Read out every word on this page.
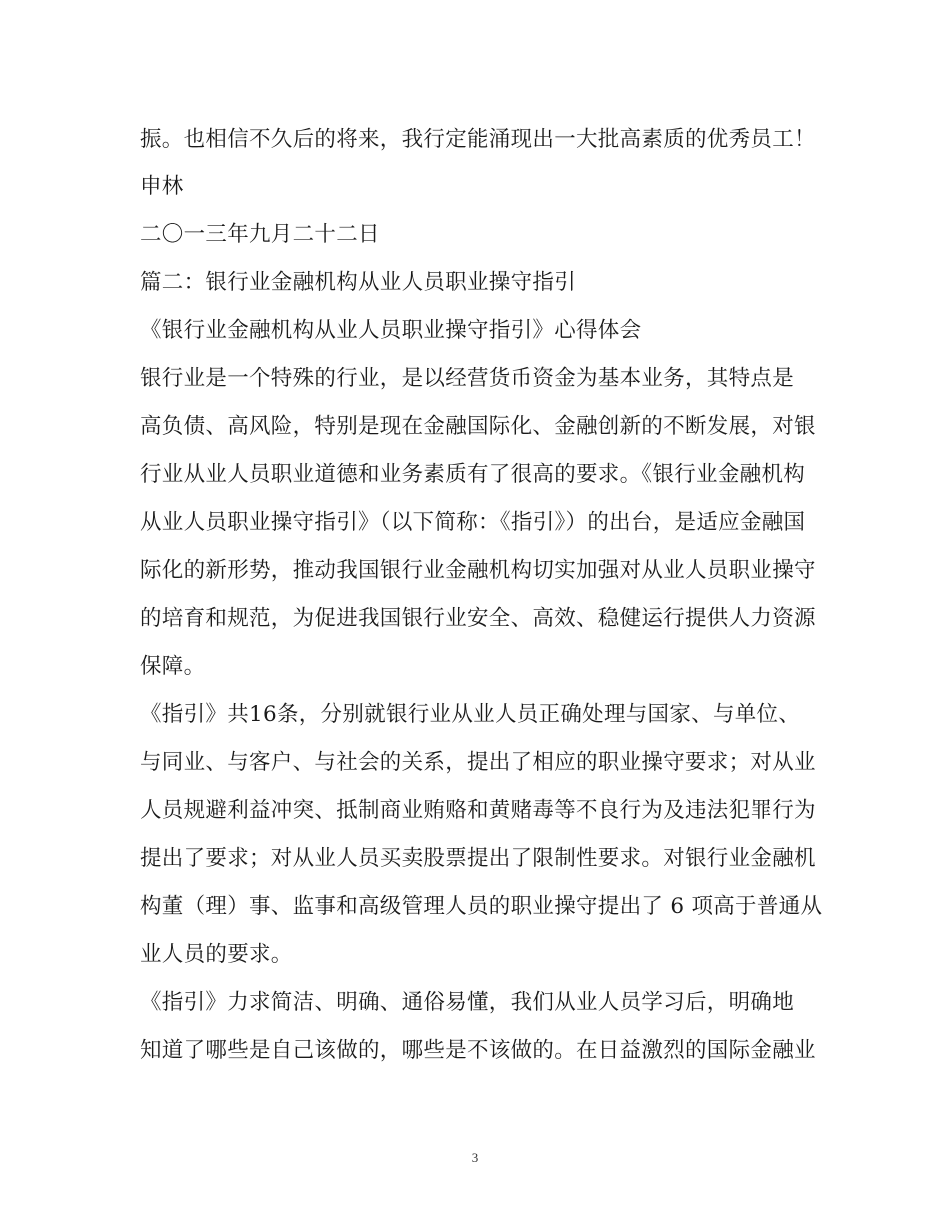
振。也相信不久后的将来，我行定能涌现出一大批高素质的优秀员工！
申林
二〇一三年九月二十二日
篇二：银行业金融机构从业人员职业操守指引
《银行业金融机构从业人员职业操守指引》心得体会
银行业是一个特殊的行业，是以经营货币资金为基本业务，其特点是
高负债、高风险，特别是现在金融国际化、金融创新的不断发展，对银
行业从业人员职业道德和业务素质有了很高的要求。《银行业金融机构
从业人员职业操守指引》（以下简称：《指引》）的出台，是适应金融国
际化的新形势，推动我国银行业金融机构切实加强对从业人员职业操守
的培育和规范，为促进我国银行业安全、高效、稳健运行提供人力资源
保障。
《指引》共16条，分别就银行业从业人员正确处理与国家、与单位、
与同业、与客户、与社会的关系，提出了相应的职业操守要求；对从业
人员规避利益冲突、抵制商业贿赂和黄赌毒等不良行为及违法犯罪行为
提出了要求；对从业人员买卖股票提出了限制性要求。对银行业金融机
构董（理）事、监事和高级管理人员的职业操守提出了 6 项高于普通从
业人员的要求。
《指引》力求简洁、明确、通俗易懂，我们从业人员学习后，明确地
知道了哪些是自己该做的，哪些是不该做的。在日益激烈的国际金融业
3
